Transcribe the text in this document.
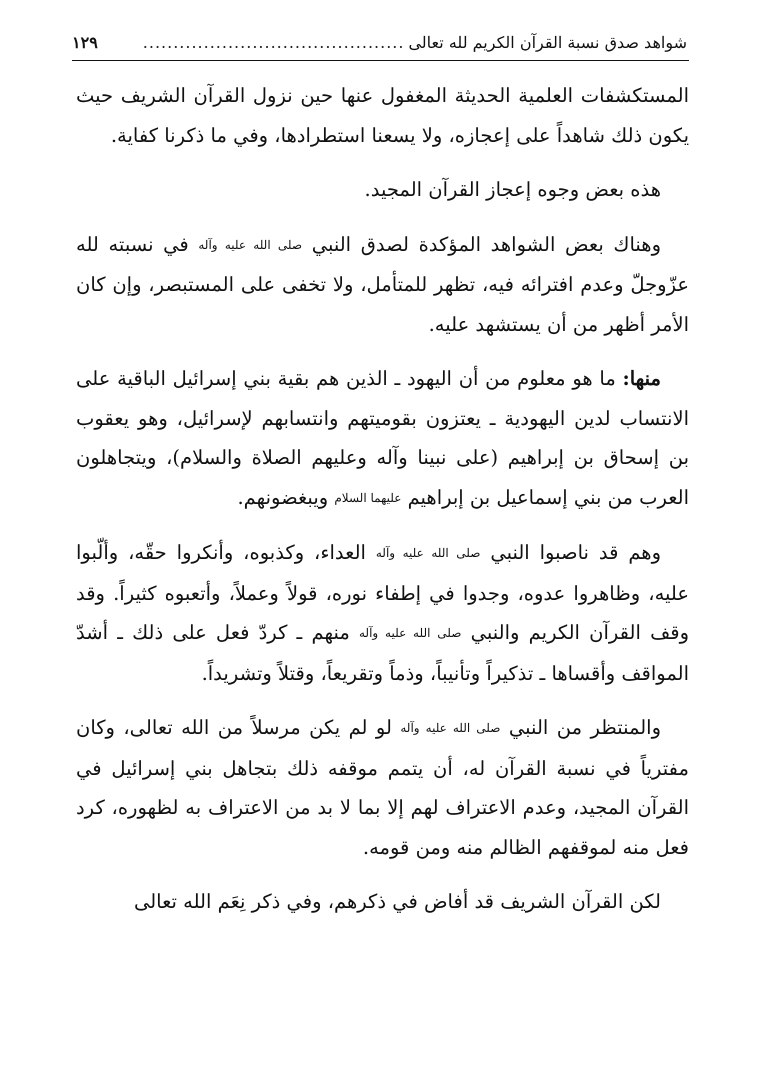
شواهد صدق نسبة القرآن الكريم لله تعالى
...........................................
١٢٩

المستكشفات العلمية الحديثة المغفول عنها حين نزول القرآن الشريف حيث يكون ذلك شاهداً على إعجازه، ولا يسعنا استطرادها، وفي ما ذكرنا كفاية.

هذه بعض وجوه إعجاز القرآن المجيد.

وهناك بعض الشواهد المؤكدة لصدق النبي صلى الله عليه وآله في نسبته لله عزّوجلّ وعدم افترائه فيه، تظهر للمتأمل، ولا تخفى على المستبصر، وإن كان الأمر أظهر من أن يستشهد عليه.

منها: ما هو معلوم من أن اليهود ـ الذين هم بقية بني إسرائيل الباقية على الانتساب لدين اليهودية ـ يعتزون بقوميتهم وانتسابهم لإسرائيل، وهو يعقوب بن إسحاق بن إبراهيم (على نبينا وآله وعليهم الصلاة والسلام)، ويتجاهلون العرب من بني إسماعيل بن إبراهيم عليهما السلام ويبغضونهم.

وهم قد ناصبوا النبي صلى الله عليه وآله العداء، وكذبوه، وأنكروا حقّه، وألّبوا عليه، وظاهروا عدوه، وجدوا في إطفاء نوره، قولاً وعملاً، وأتعبوه كثيراً. وقد وقف القرآن الكريم والنبي صلى الله عليه وآله منهم ـ كردّ فعل على ذلك ـ أشدّ المواقف وأقساها ـ تذكيراً وتأنيباً، وذماً وتقريعاً، وقتلاً وتشريداً.

والمنتظر من النبي صلى الله عليه وآله لو لم يكن مرسلاً من الله تعالى، وكان مفترياً في نسبة القرآن له، أن يتمم موقفه ذلك بتجاهل بني إسرائيل في القرآن المجيد، وعدم الاعتراف لهم إلا بما لا بد من الاعتراف به لظهوره، كرد فعل منه لموقفهم الظالم منه ومن قومه.

لكن القرآن الشريف قد أفاض في ذكرهم، وفي ذكر نِعَم الله تعالى
